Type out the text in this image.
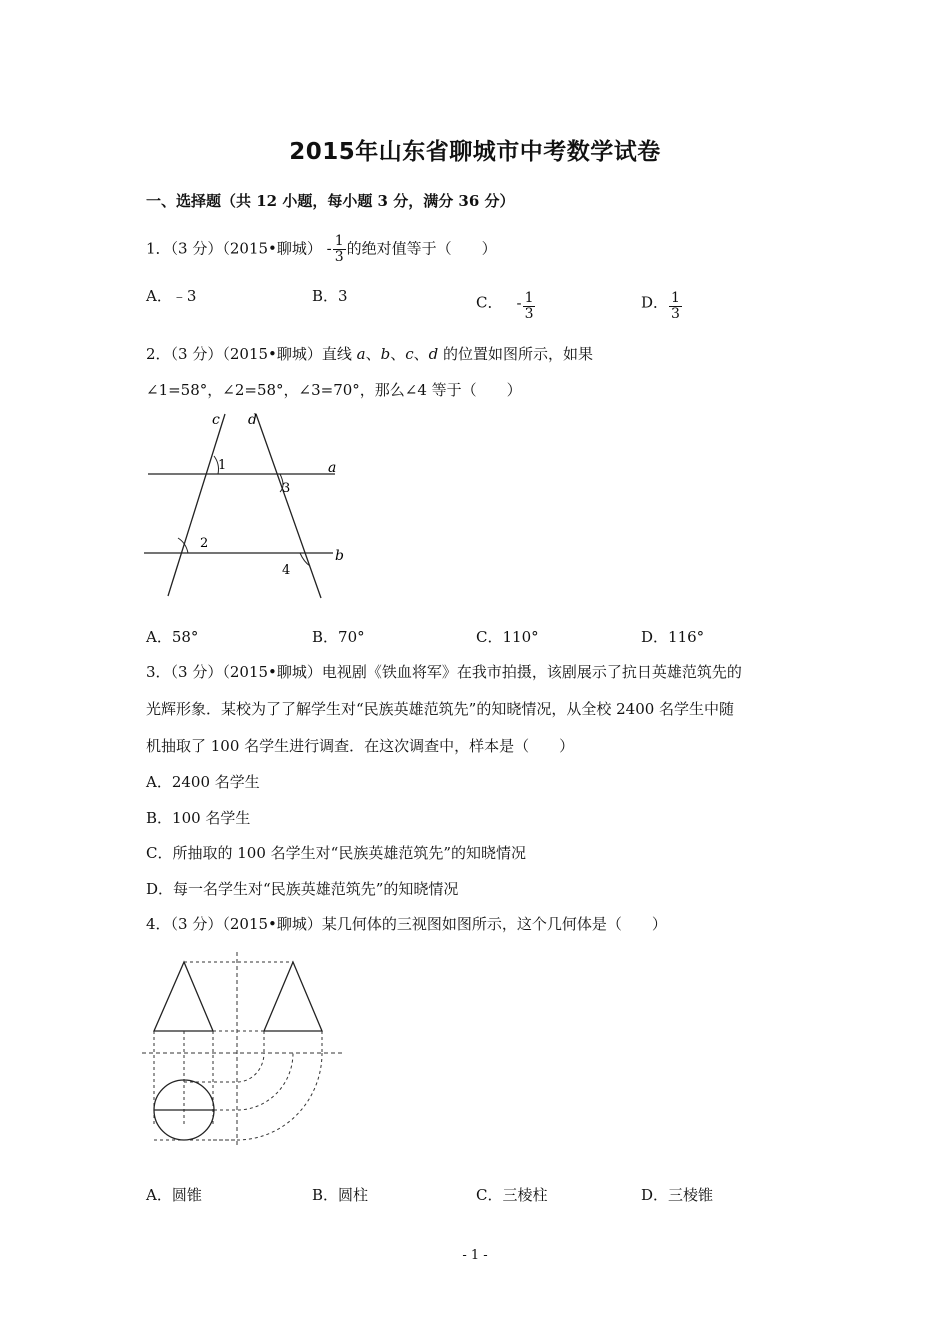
2015年山东省聊城市中考数学试卷
一、选择题（共 12 小题，每小题 3 分，满分 36 分）
1．（3 分）（2015•聊城） - $\frac{1}{3}$ 的绝对值等于（　　）
A．﹣3	B．3	C． - $\frac{1}{3}$	D． $\frac{1}{3}$
2．（3 分）（2015•聊城）直线 a、b、c、d 的位置如图所示，如果
∠1=58°，∠2=58°，∠3=70°，那么∠4 等于（　　）
c d
a
b
1
2
3
4
A．58°	B．70°	C．110°	D．116°
3．（3 分）（2015•聊城）电视剧《铁血将军》在我市拍摄，该剧展示了抗日英雄范筑先的
光辉形象．某校为了了解学生对“民族英雄范筑先”的知晓情况，从全校 2400 名学生中随
机抽取了 100 名学生进行调查．在这次调查中，样本是（　　）
A．2400 名学生
B．100 名学生
C．所抽取的 100 名学生对“民族英雄范筑先”的知晓情况
D．每一名学生对“民族英雄范筑先”的知晓情况
4．（3 分）（2015•聊城）某几何体的三视图如图所示，这个几何体是（　　）
A．圆锥	B．圆柱	C．三棱柱	D．三棱锥
- 1 -
